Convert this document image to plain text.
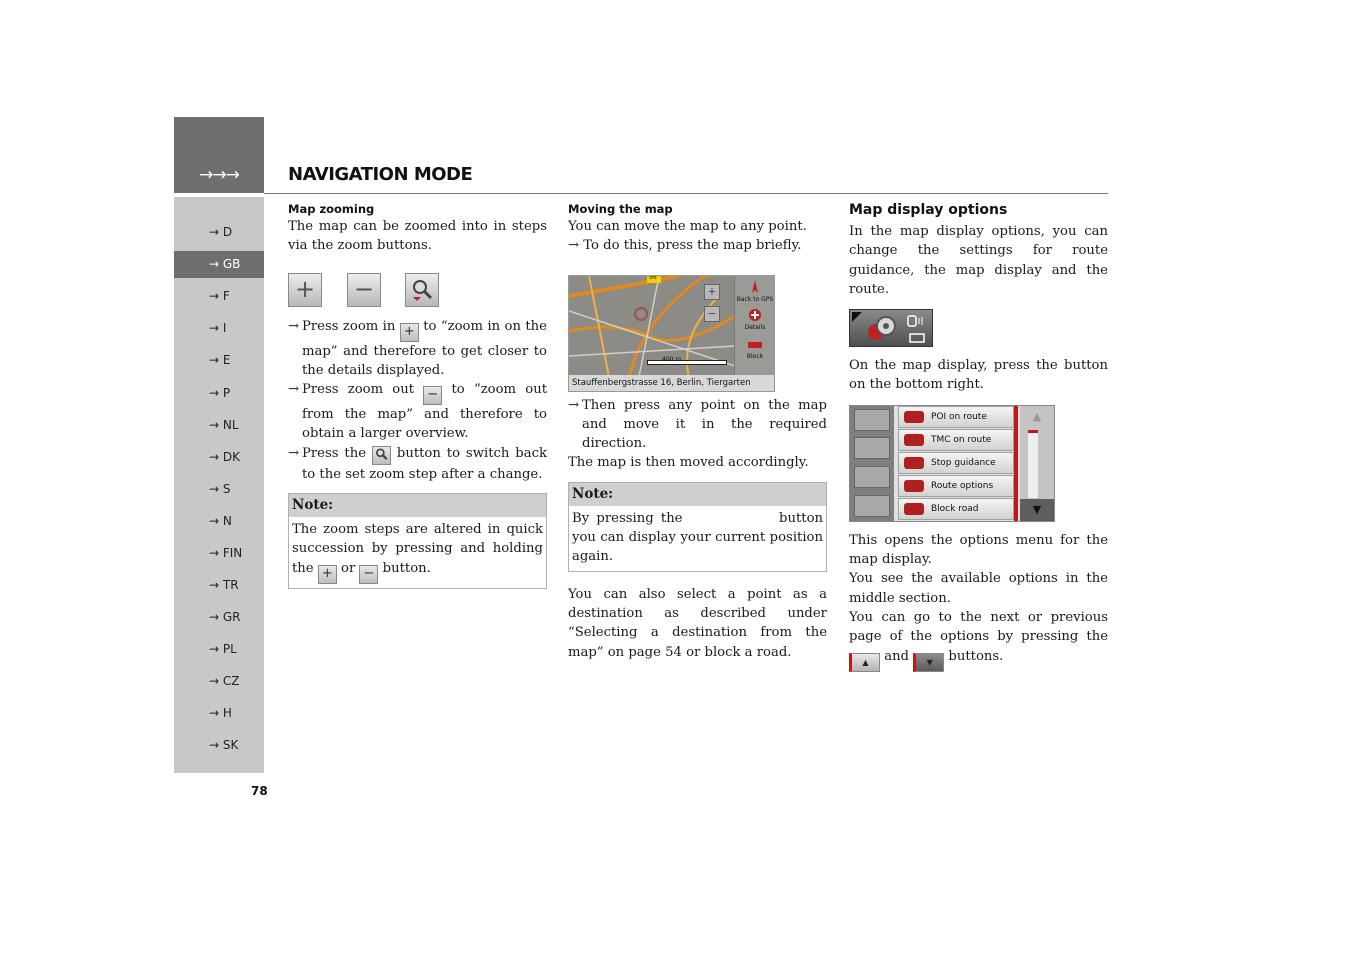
→→→	NAVIGATION MODE
→ D
→ GB
→ F
→ I
→ E
→ P
→ NL
→ DK
→ S
→ N
→ FIN
→ TR
→ GR
→ PL
→ CZ
→ H
→ SK
78
Map zooming

The map can be zoomed into in steps via the zoom buttons.

+ −
→ Press zoom in + to “zoom in on the map” and therefore to get closer to the details displayed.
→ Press zoom out − to “zoom out from the map” and therefore to obtain a larger overview.
→ Press the button to switch back to the set zoom step after a change.
Note:
The zoom steps are altered in quick succession by pressing and holding the + or − button.
Moving the map

You can move the map to any point.

→ To do this, press the map briefly.
96
400 m
Back to GPS
Details
Block
+
−
Stauffenbergstrasse 16, Berlin, Tiergarten
→ Then press any point on the map and move it in the required direction.

The map is then moved accordingly.

Note:
By pressing the	button you can display your current position again.

You can also select a point as a destination as described under “Selecting a destination from the map” on page 54 or block a road.

Map display options

In the map display options, you can change the settings for route guidance, the map display and the route.

On the map display, press the button on the bottom right.

POI on route
TMC on route
Stop guidance
Route options
Block road
▲
▼

This opens the options menu for the map display.

You see the available options in the middle section.

You can go to the next or previous page of the options by pressing the ▲ and ▼ buttons.
